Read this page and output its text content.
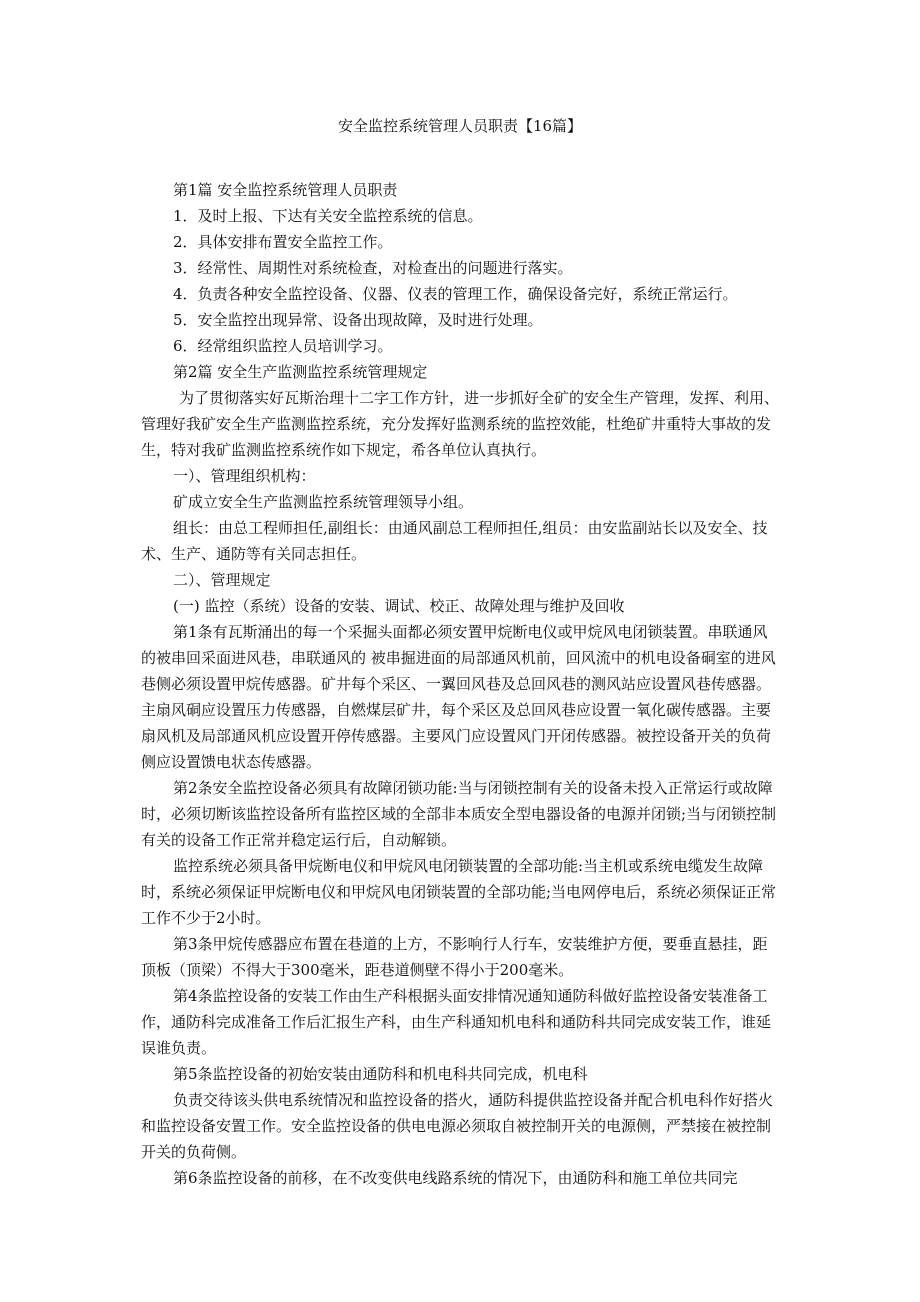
安全监控系统管理人员职责【16篇】

第1篇 安全监控系统管理人员职责

1．及时上报、下达有关安全监控系统的信息。

2．具体安排布置安全监控工作。

3．经常性、周期性对系统检查，对检查出的问题进行落实。

4．负责各种安全监控设备、仪器、仪表的管理工作，确保设备完好，系统正常运行。

5．安全监控出现异常、设备出现故障，及时进行处理。

6．经常组织监控人员培训学习。

第2篇 安全生产监测监控系统管理规定

为了贯彻落实好瓦斯治理十二字工作方针，进一步抓好全矿的安全生产管理，发挥、利用、管理好我矿安全生产监测监控系统，充分发挥好监测系统的监控效能，杜绝矿井重特大事故的发生，特对我矿监测监控系统作如下规定，希各单位认真执行。

一）、管理组织机构：

矿成立安全生产监测监控系统管理领导小组。

组长：由总工程师担任,副组长：由通风副总工程师担任,组员：由安监副站长以及安全、技术、生产、通防等有关同志担任。

二）、管理规定

(一) 监控（系统）设备的安装、调试、校正、故障处理与维护及回收

第1条有瓦斯涌出的每一个采掘头面都必须安置甲烷断电仪或甲烷风电闭锁装置。串联通风的被串回采面进风巷，串联通风的 被串掘进面的局部通风机前，回风流中的机电设备硐室的进风巷侧必须设置甲烷传感器。矿井每个采区、一翼回风巷及总回风巷的测风站应设置风巷传感器。主扇风硐应设置压力传感器，自燃煤层矿井，每个采区及总回风巷应设置一氧化碳传感器。主要扇风机及局部通风机应设置开停传感器。主要风门应设置风门开闭传感器。被控设备开关的负荷侧应设置馈电状态传感器。

第2条安全监控设备必须具有故障闭锁功能:当与闭锁控制有关的设备未投入正常运行或故障时，必须切断该监控设备所有监控区域的全部非本质安全型电器设备的电源并闭锁;当与闭锁控制有关的设备工作正常并稳定运行后，自动解锁。

监控系统必须具备甲烷断电仪和甲烷风电闭锁装置的全部功能:当主机或系统电缆发生故障时，系统必须保证甲烷断电仪和甲烷风电闭锁装置的全部功能;当电网停电后，系统必须保证正常工作不少于2小时。

第3条甲烷传感器应布置在巷道的上方，不影响行人行车，安装维护方便，要垂直悬挂，距顶板（顶梁）不得大于300毫米，距巷道侧壁不得小于200毫米。

第4条监控设备的安装工作由生产科根据头面安排情况通知通防科做好监控设备安装准备工作，通防科完成准备工作后汇报生产科，由生产科通知机电科和通防科共同完成安装工作，谁延误谁负责。

第5条监控设备的初始安装由通防科和机电科共同完成，机电科

负责交待该头供电系统情况和监控设备的搭火，通防科提供监控设备并配合机电科作好搭火和监控设备安置工作。安全监控设备的供电电源必须取自被控制开关的电源侧，严禁接在被控制开关的负荷侧。

第6条监控设备的前移，在不改变供电线路系统的情况下，由通防科和施工单位共同完
